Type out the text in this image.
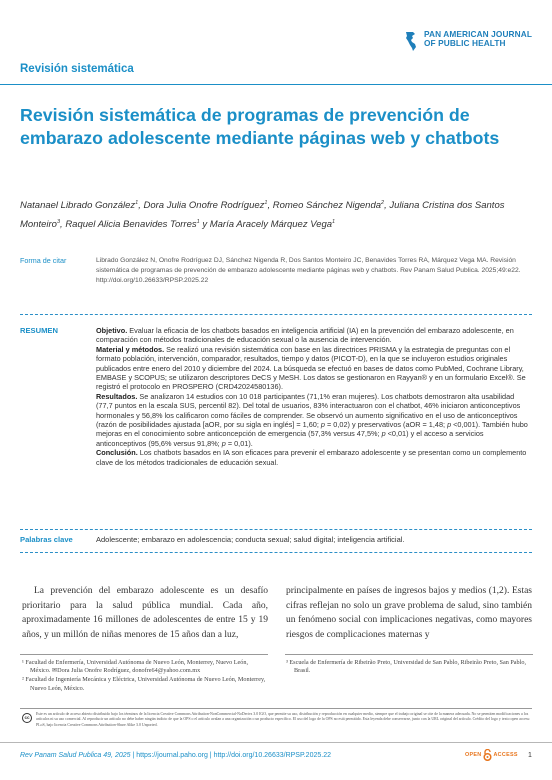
PAN AMERICAN JOURNAL
OF PUBLIC HEALTH
Revisión sistemática
Revisión sistemática de programas de prevención de embarazo adolescente mediante páginas web y chatbots
Natanael Librado González$^1$, Dora Julia Onofre Rodríguez$^1$, Romeo Sánchez Nigenda$^2$, Juliana Cristina dos Santos Monteiro$^3$, Raquel Alicia Benavides Torres$^1$ y María Aracely Márquez Vega$^1$
Forma de citar	Librado González N, Onofre Rodríguez DJ, Sánchez Nigenda R, Dos Santos Monteiro JC, Benavides Torres RA, Márquez Vega MA. Revisión sistemática de programas de prevención de embarazo adolescente mediante páginas web y chatbots. Rev Panam Salud Publica. 2025;49:e22. http://doi.org/10.26633/RPSP.2025.22
RESUMEN	Objetivo. Evaluar la eficacia de los chatbots basados en inteligencia artificial (IA) en la prevención del embarazo adolescente, en comparación con métodos tradicionales de educación sexual o la ausencia de intervención.

Material y métodos. Se realizó una revisión sistemática con base en las directrices PRISMA y la estrategia de preguntas con el formato población, intervención, comparador, resultados, tiempo y datos (PICOT-D), en la que se incluyeron estudios originales publicados entre enero del 2010 y diciembre del 2024. La búsqueda se efectuó en bases de datos como PubMed, Cochrane Library, EMBASE y SCOPUS; se utilizaron descriptores DeCS y MeSH. Los datos se gestionaron en Rayyan® y en un formulario Excel®. Se registró el protocolo en PROSPERO (CRD42024580136).

Resultados. Se analizaron 14 estudios con 10 018 participantes (71,1% eran mujeres). Los chatbots demostraron alta usabilidad (77,7 puntos en la escala SUS, percentil 82). Del total de usuarios, 83% interactuaron con el chatbot, 46% iniciaron anticonceptivos hormonales y 56,8% los calificaron como fáciles de comprender. Se observó un aumento significativo en el uso de anticonceptivos (razón de posibilidades ajustada [aOR, por su sigla en inglés] = 1,60; p = 0,02) y preservativos (aOR = 1,48; p <0,001). También hubo mejoras en el conocimiento sobre anticoncepción de emergencia (57,3% versus 47,5%; p <0,01) y el acceso a servicios anticonceptivos (95,6% versus 91,8%; p = 0,01).

Conclusión. Los chatbots basados en IA son eficaces para prevenir el embarazo adolescente y se presentan como un complemento clave de los métodos tradicionales de educación sexual.

Palabras clave	Adolescente; embarazo en adolescencia; conducta sexual; salud digital; inteligencia artificial.
La prevención del embarazo adolescente es un desafío prioritario para la salud pública mundial. Cada año, aproximadamente 16 millones de adolescentes de entre 15 y 19 años, y un millón de niñas menores de 15 años dan a luz,
principalmente en países de ingresos bajos y medios (1,2). Estas cifras reflejan no solo un grave problema de salud, sino también un fenómeno social con implicaciones negativas, como mayores riesgos de complicaciones maternas y

¹ Facultad de Enfermería, Universidad Autónoma de Nuevo León, Monterrey, Nuevo León, México. ✉Dora Julia Onofre Rodríguez, donofre64@yahoo.com.mx

² Facultad de Ingeniería Mecánica y Eléctrica, Universidad Autónoma de Nuevo León, Monterrey, Nuevo León, México.

³ Escuela de Enfermería de Ribeirão Preto, Universidad de San Pablo, Ribeirão Preto, San Pablo, Brasil.

cc
Este es un artículo de acceso abierto distribuido bajo los términos de la licencia Creative Commons Attribution-NonCommercial-NoDerivs 3.0 IGO, que permite su uso, distribución y reproducción en cualquier medio, siempre que el trabajo original se cite de la manera adecuada. No se permiten modificaciones a los artículos ni su uso comercial. Al reproducir un artículo no debe haber ningún indicio de que la OPS o el artículo avalan a una organización o un producto específico. El uso del logo de la OPS no está permitido. Esta leyenda debe conservarse, junto con la URL original del artículo. Crédito del logo y texto open access: PLoS, bajo licencia Creative Commons Attribution-Share Alike 3.0 Unported.
Rev Panam Salud Publica 49, 2025 | https://journal.paho.org | http://doi.org/10.26633/RPSP.2025.22	OPEN ACCESS 1
